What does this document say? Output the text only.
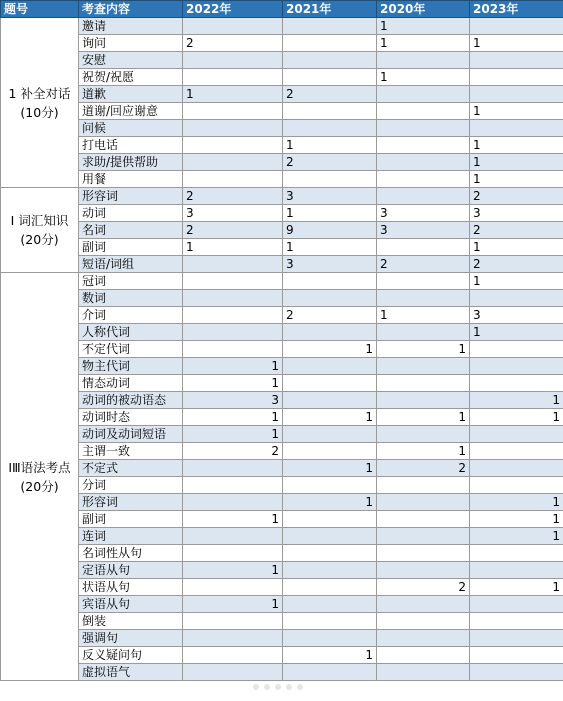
题号	考查内容	2022年	2021年	2020年	2023年
1 补全对话
(10分)	邀请			1	
	询问	2		1	1
	安慰				
	祝贺/祝愿			1	
	道歉	1	2		
	道谢/回应谢意				1
	问候				
	打电话		1		1
	求助/提供帮助		2		1
	用餐				1
I 词汇知识
(20分)	形容词	2	3		2
	动词	3	1	3	3
	名词	2	9	3	2
	副词	1	1		1
	短语/词组		3	2	2
IⅢ语法考点
(20分)	冠词				1
	数词				
	介词		2	1	3
	人称代词				1
	不定代词		1	1	
	物主代词	1			
	情态动词	1			
	动词的被动语态	3			1
	动词时态	1	1	1	1
	动词及动词短语	1			
	主谓一致	2		1	
	不定式		1	2	
	分词				
	形容词		1		1
	副词	1			1
	连词				1
	名词性从句				
	定语从句	1			
	状语从句			2	1
	宾语从句	1			
	倒装				
	强调句				
	反义疑问句		1		
	虚拟语气				
